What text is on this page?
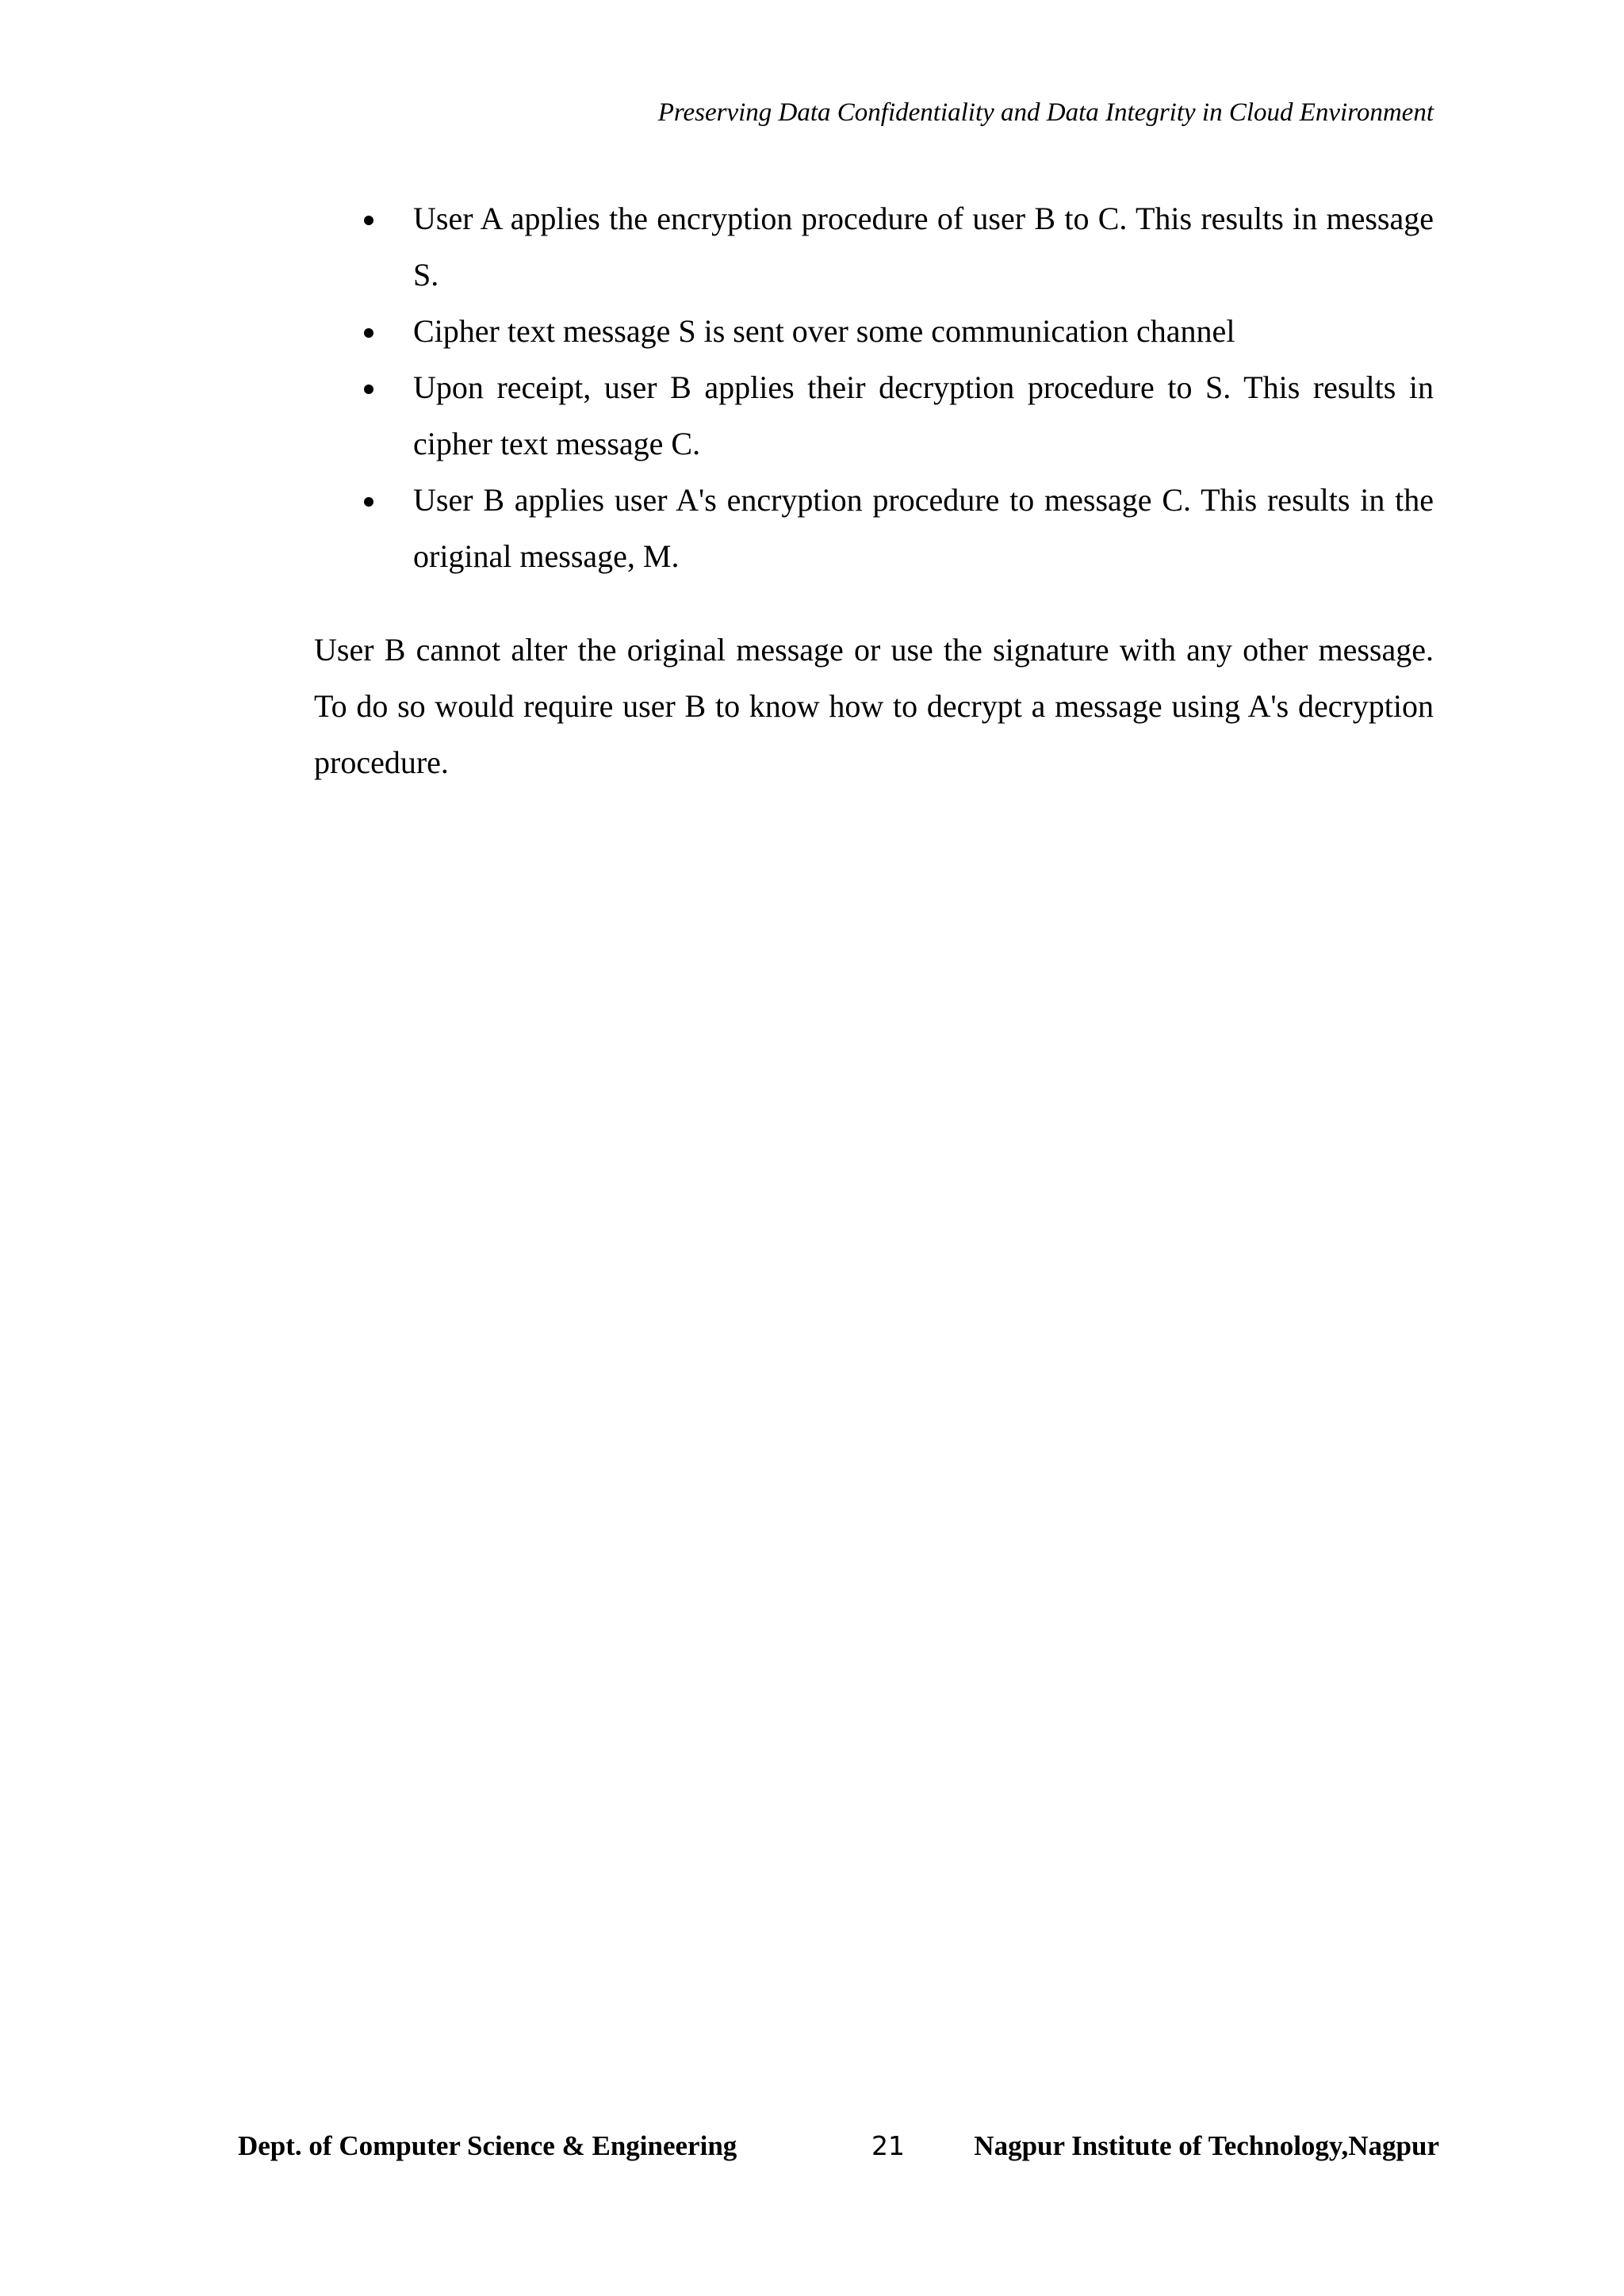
Preserving Data Confidentiality and Data Integrity in Cloud Environment
User A applies the encryption procedure of user B to C. This results in message S.
Cipher text message S is sent over some communication channel
Upon receipt, user B applies their decryption procedure to S. This results in cipher text message C.
User B applies user A's encryption procedure to message C. This results in the original message, M.

User B cannot alter the original message or use the signature with any other message. To do so would require user B to know how to decrypt a message using A's decryption procedure.

Dept. of Computer Science & Engineering	21	Nagpur Institute of Technology,Nagpur
